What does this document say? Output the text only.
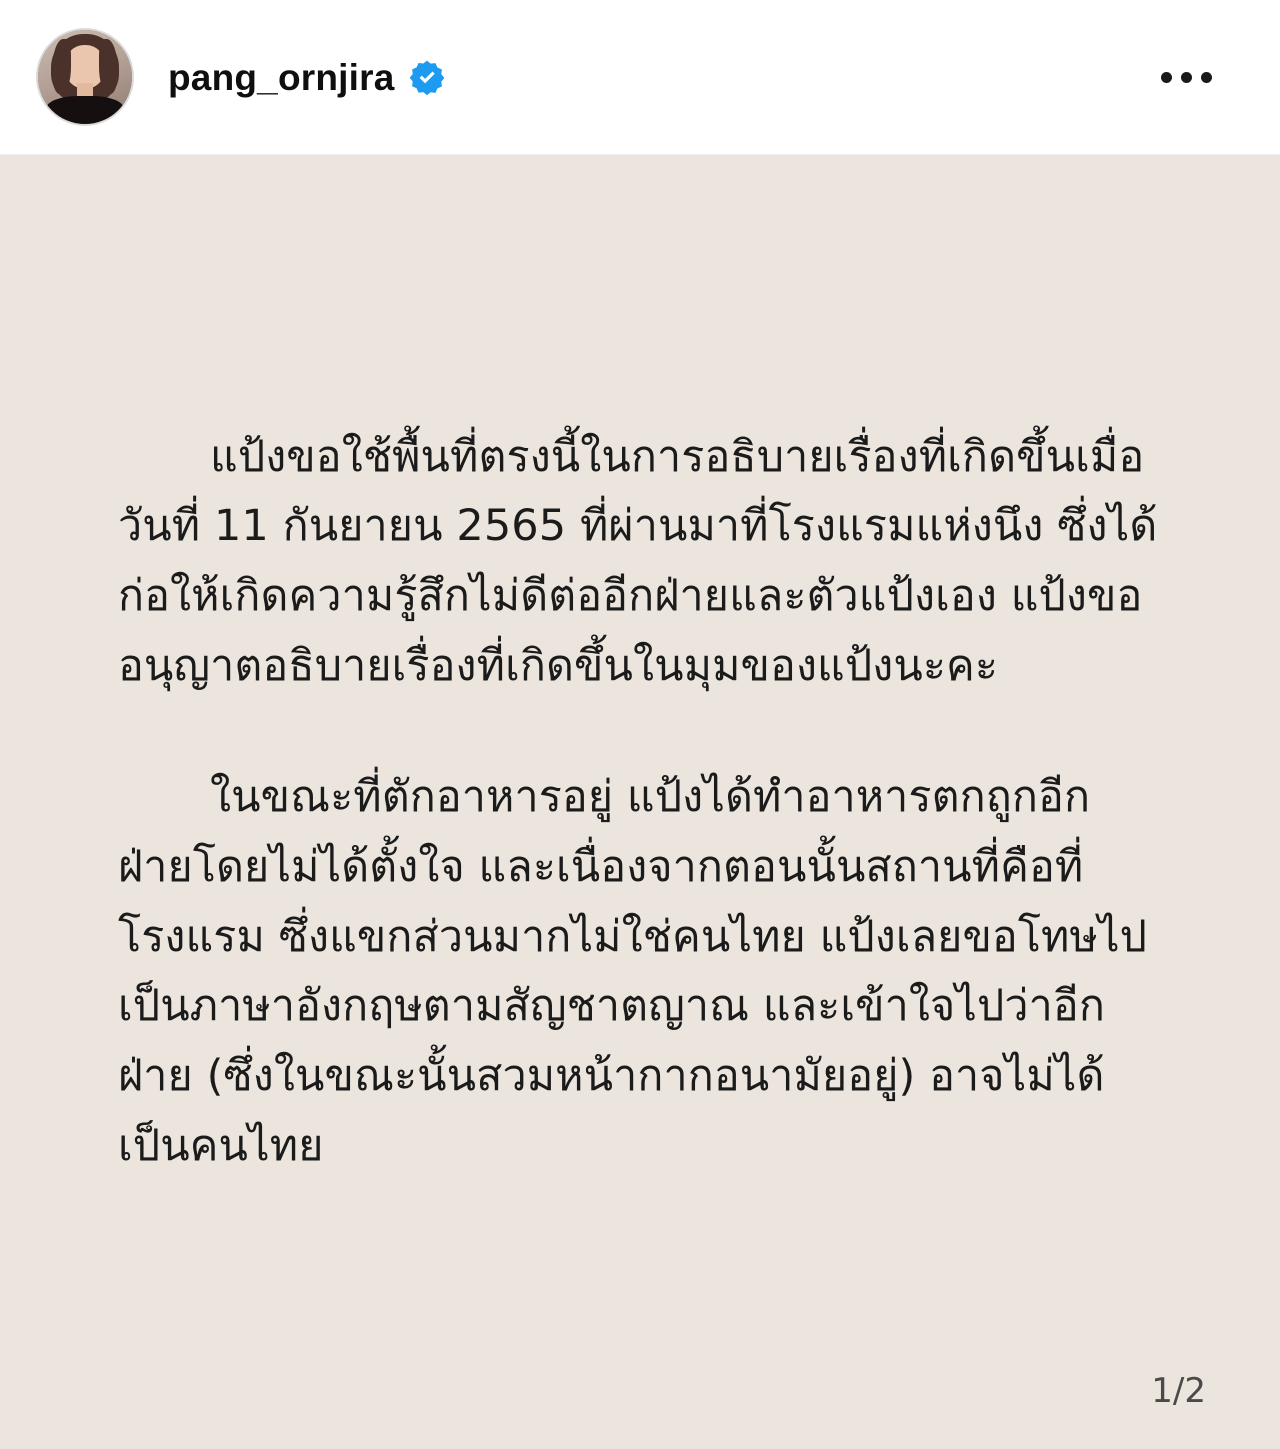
pang_ornjira

แป้งขอใช้พื้นที่ตรงนี้ในการอธิบายเรื่องที่เกิดขึ้นเมื่อวันที่ 11 กันยายน 2565 ที่ผ่านมาที่โรงแรมแห่งนึง ซึ่งได้ก่อให้เกิดความรู้สึกไม่ดีต่ออีกฝ่ายและตัวแป้งเอง แป้งขออนุญาตอธิบายเรื่องที่เกิดขึ้นในมุมของแป้งนะคะ

ในขณะที่ตักอาหารอยู่ แป้งได้ทำอาหารตกถูกอีกฝ่ายโดยไม่ได้ตั้งใจ และเนื่องจากตอนนั้นสถานที่คือที่โรงแรม ซึ่งแขกส่วนมากไม่ใช่คนไทย แป้งเลยขอโทษไปเป็นภาษาอังกฤษตามสัญชาตญาณ และเข้าใจไปว่าอีกฝ่าย (ซึ่งในขณะนั้นสวมหน้ากากอนามัยอยู่) อาจไม่ได้เป็นคนไทย

1/2
